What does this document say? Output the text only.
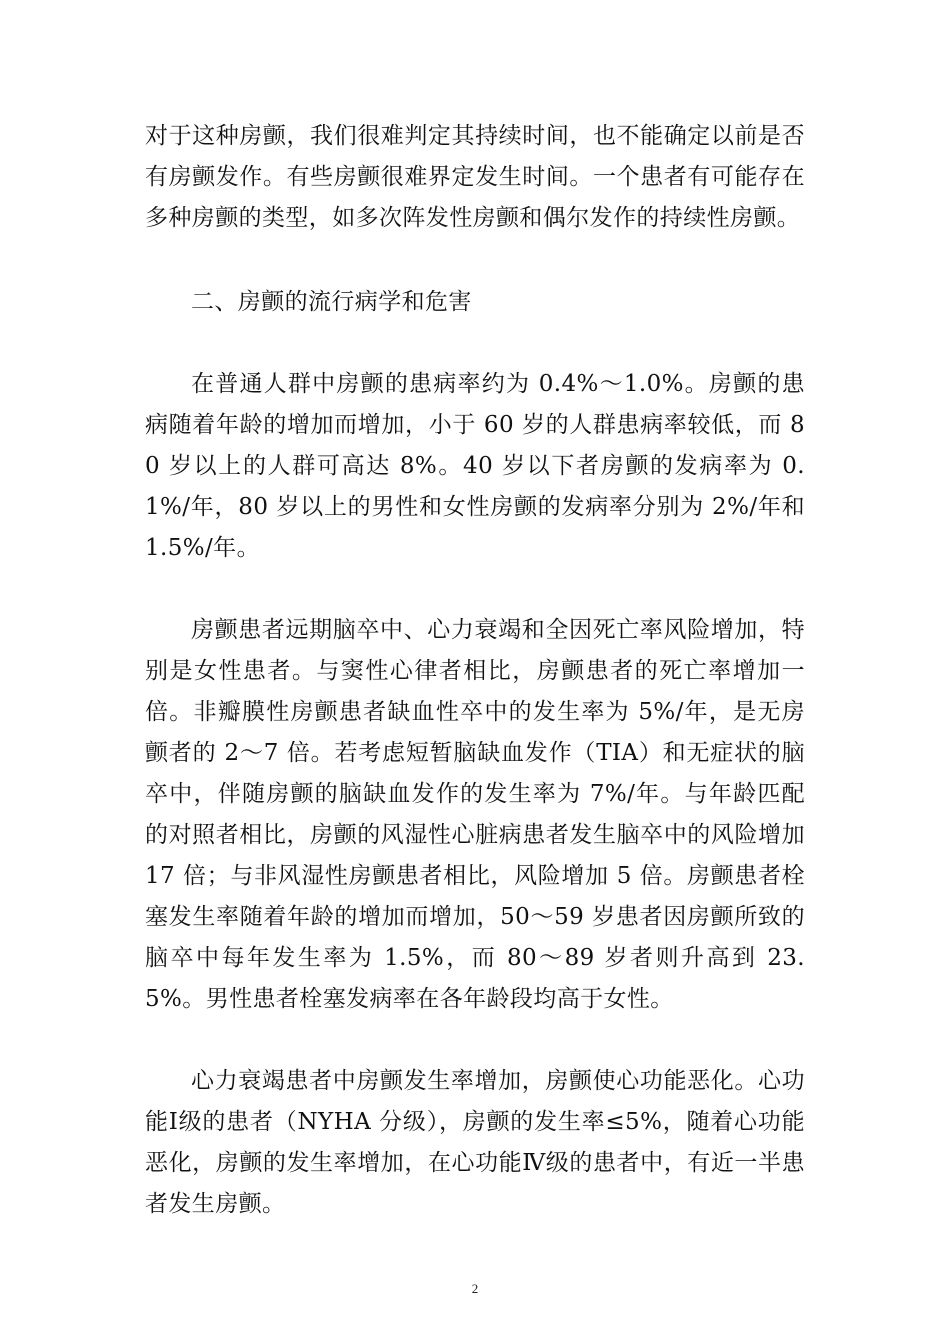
对于这种房颤，我们很难判定其持续时间，也不能确定以前是否有房颤发作。有些房颤很难界定发生时间。一个患者有可能存在多种房颤的类型，如多次阵发性房颤和偶尔发作的持续性房颤。

二、房颤的流行病学和危害

在普通人群中房颤的患病率约为 0.4%～1.0%。房颤的患病随着年龄的增加而增加，小于 60 岁的人群患病率较低，而 80 岁以上的人群可高达 8%。40 岁以下者房颤的发病率为 0.1%/年，80 岁以上的男性和女性房颤的发病率分别为 2%/年和 1.5%/年。

房颤患者远期脑卒中、心力衰竭和全因死亡率风险增加，特别是女性患者。与窦性心律者相比，房颤患者的死亡率增加一倍。非瓣膜性房颤患者缺血性卒中的发生率为 5%/年，是无房颤者的 2～7 倍。若考虑短暂脑缺血发作（TIA）和无症状的脑卒中，伴随房颤的脑缺血发作的发生率为 7%/年。与年龄匹配的对照者相比，房颤的风湿性心脏病患者发生脑卒中的风险增加 17 倍；与非风湿性房颤患者相比，风险增加 5 倍。房颤患者栓塞发生率随着年龄的增加而增加，50～59 岁患者因房颤所致的脑卒中每年发生率为 1.5%，而 80～89 岁者则升高到 23.5%。男性患者栓塞发病率在各年龄段均高于女性。

心力衰竭患者中房颤发生率增加，房颤使心功能恶化。心功能Ⅰ级的患者（NYHA 分级），房颤的发生率≤5%，随着心功能恶化，房颤的发生率增加，在心功能Ⅳ级的患者中，有近一半患者发生房颤。

2
